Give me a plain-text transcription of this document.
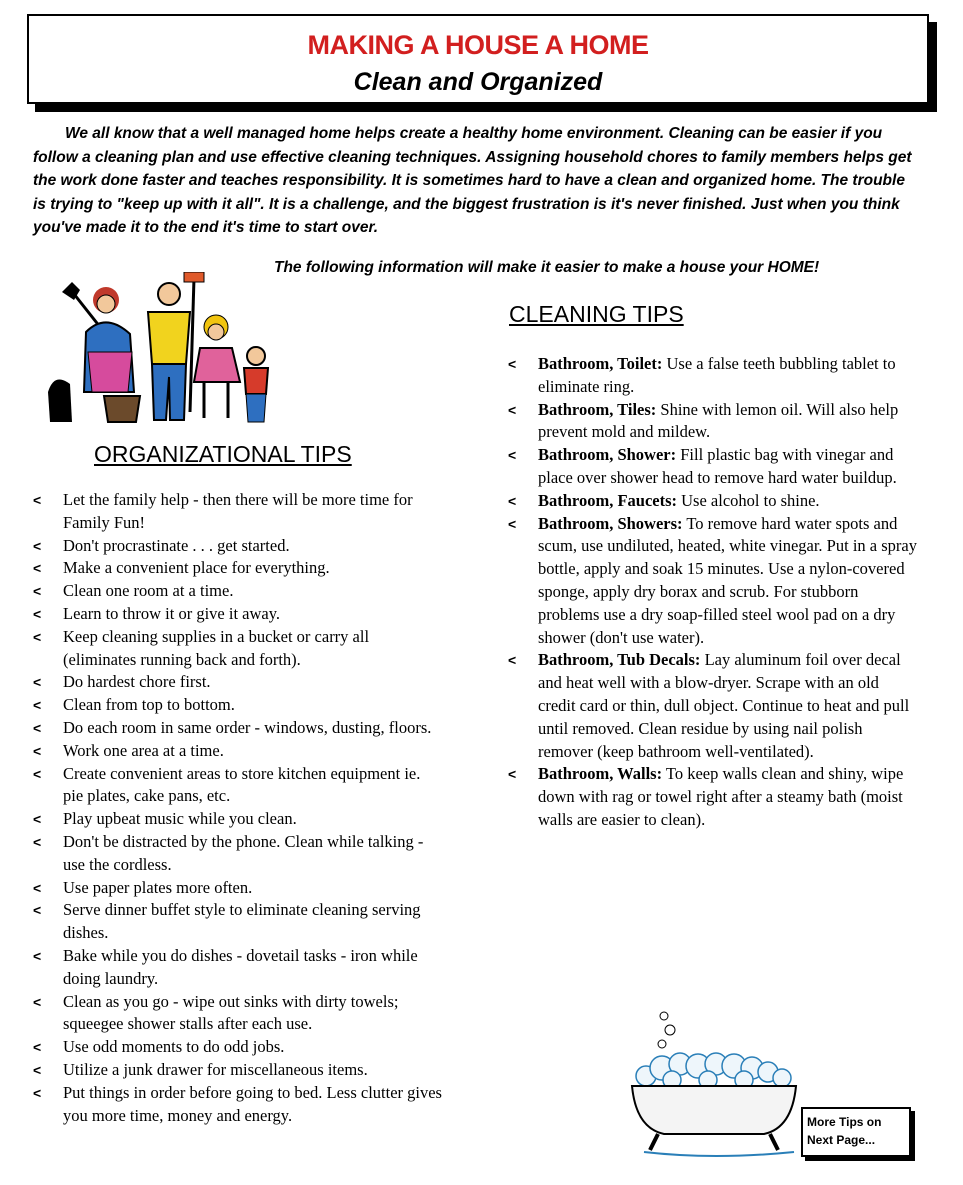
MAKING A HOUSE A HOME
Clean and Organized
We all know that a well managed home helps create a healthy home environment. Cleaning can be easier if you follow a cleaning plan and use effective cleaning techniques. Assigning household chores to family members helps get the work done faster and teaches responsibility. It is sometimes hard to have a clean and organized home. The trouble is trying to "keep up with it all". It is a challenge, and the biggest frustration is it's never finished. Just when you think you've made it to the end it's time to start over.
The following information will make it easier to make a house your HOME!
ORGANIZATIONAL TIPS
CLEANING TIPS
< Let the family help - then there will be more time for Family Fun!
< Don't procrastinate . . . get started.
< Make a convenient place for everything.
< Clean one room at a time.
< Learn to throw it or give it away.
< Keep cleaning supplies in a bucket or carry all (eliminates running back and forth).
< Do hardest chore first.
< Clean from top to bottom.
< Do each room in same order - windows, dusting, floors.
< Work one area at a time.
< Create convenient areas to store kitchen equipment ie. pie plates, cake pans, etc.
< Play upbeat music while you clean.
< Don't be distracted by the phone. Clean while talking - use the cordless.
< Use paper plates more often.
< Serve dinner buffet style to eliminate cleaning serving dishes.
< Bake while you do dishes - dovetail tasks - iron while doing laundry.
< Clean as you go - wipe out sinks with dirty towels; squeegee shower stalls after each use.
< Use odd moments to do odd jobs.
< Utilize a junk drawer for miscellaneous items.
< Put things in order before going to bed. Less clutter gives you more time, money and energy.
< Bathroom, Toilet: Use a false teeth bubbling tablet to eliminate ring.
< Bathroom, Tiles: Shine with lemon oil. Will also help prevent mold and mildew.
< Bathroom, Shower: Fill plastic bag with vinegar and place over shower head to remove hard water buildup.
< Bathroom, Faucets: Use alcohol to shine.
< Bathroom, Showers: To remove hard water spots and scum, use undiluted, heated, white vinegar. Put in a spray bottle, apply and soak 15 minutes. Use a nylon-covered sponge, apply dry borax and scrub. For stubborn problems use a dry soap-filled steel wool pad on a dry shower (don't use water).
< Bathroom, Tub Decals: Lay aluminum foil over decal and heat well with a blow-dryer. Scrape with an old credit card or thin, dull object. Continue to heat and pull until removed. Clean residue by using nail polish remover (keep bathroom well-ventilated).
< Bathroom, Walls: To keep walls clean and shiny, wipe down with rag or towel right after a steamy bath (moist walls are easier to clean).
More Tips on Next Page...
